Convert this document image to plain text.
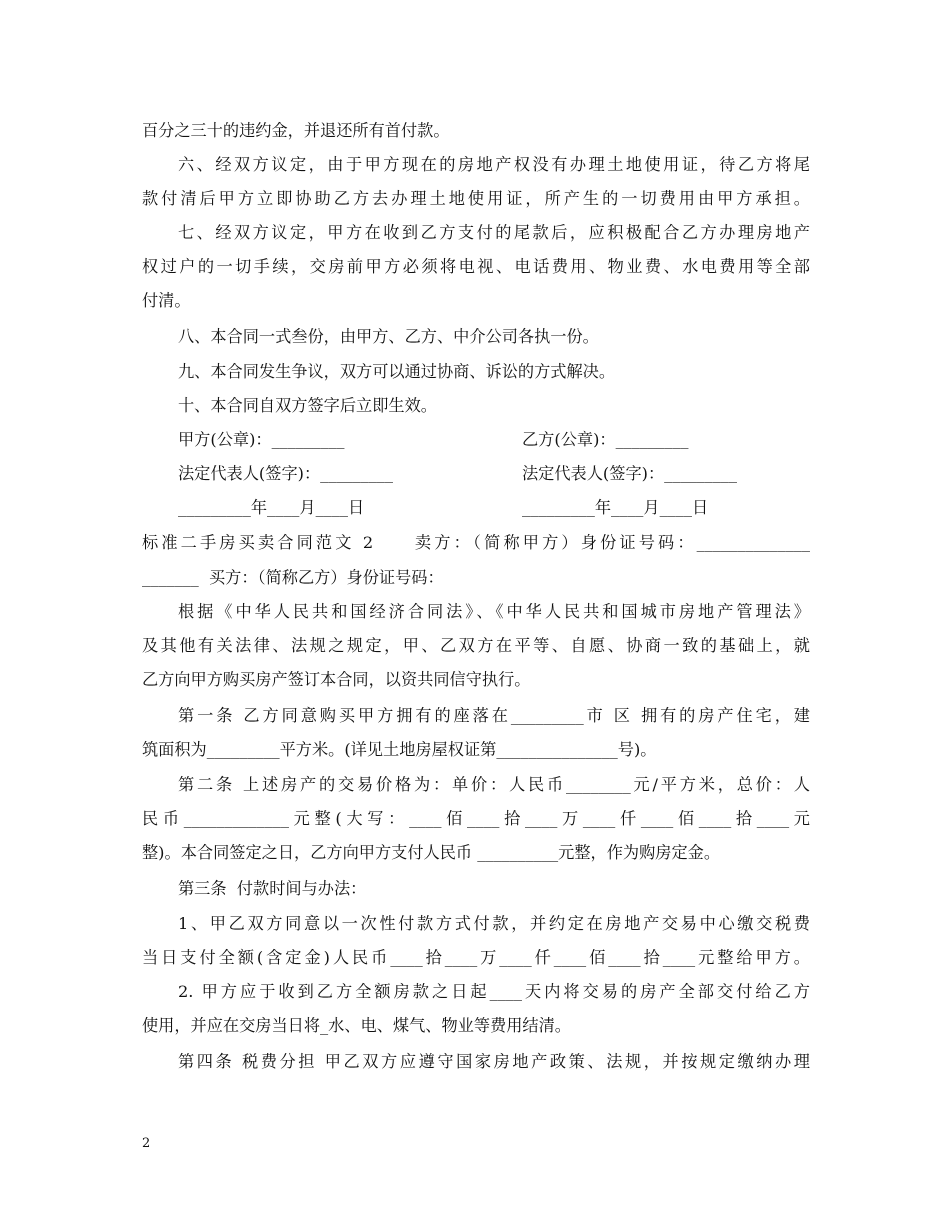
百分之三十的违约金，并退还所有首付款。
六、经双方议定，由于甲方现在的房地产权没有办理土地使用证，待乙方将尾
款付清后甲方立即协助乙方去办理土地使用证，所产生的一切费用由甲方承担。
七、经双方议定，甲方在收到乙方支付的尾款后，应积极配合乙方办理房地产
权过户的一切手续，交房前甲方必须将电视、电话费用、物业费、水电费用等全部
付清。
八、本合同一式叁份，由甲方、乙方、中介公司各执一份。
九、本合同发生争议，双方可以通过协商、诉讼的方式解决。
十、本合同自双方签字后立即生效。
甲方(公章)：_________	乙方(公章)：_________
法定代表人(签字)：_________	法定代表人(签字)：_________
_________年____月____日	_________年____月____日
标准二手房买卖合同范文 2　　卖方：（简称甲方）身份证号码：______________
_______  买方：（简称乙方）身份证号码：
根据《中华人民共和国经济合同法》、《中华人民共和国城市房地产管理法》
及其他有关法律、法规之规定，甲、乙双方在平等、自愿、协商一致的基础上，就
乙方向甲方购买房产签订本合同，以资共同信守执行。
第一条 乙方同意购买甲方拥有的座落在_________市 区 拥有的房产住宅，建
筑面积为_________平方米。(详见土地房屋权证第_______________号)。
第二条 上述房产的交易价格为：单价：人民币________元/平方米，总价：人
民币_____________元整(大写：____佰____拾____万____仟____佰____拾____元
整)。本合同签定之日，乙方向甲方支付人民币 __________元整，作为购房定金。
第三条  付款时间与办法：
1、甲乙双方同意以一次性付款方式付款，并约定在房地产交易中心缴交税费
当日支付全额(含定金)人民币____拾____万____仟____佰____拾____元整给甲方。
2. 甲方应于收到乙方全额房款之日起____天内将交易的房产全部交付给乙方
使用，并应在交房当日将_水、电、煤气、物业等费用结清。
第四条 税费分担 甲乙双方应遵守国家房地产政策、法规，并按规定缴纳办理
2
